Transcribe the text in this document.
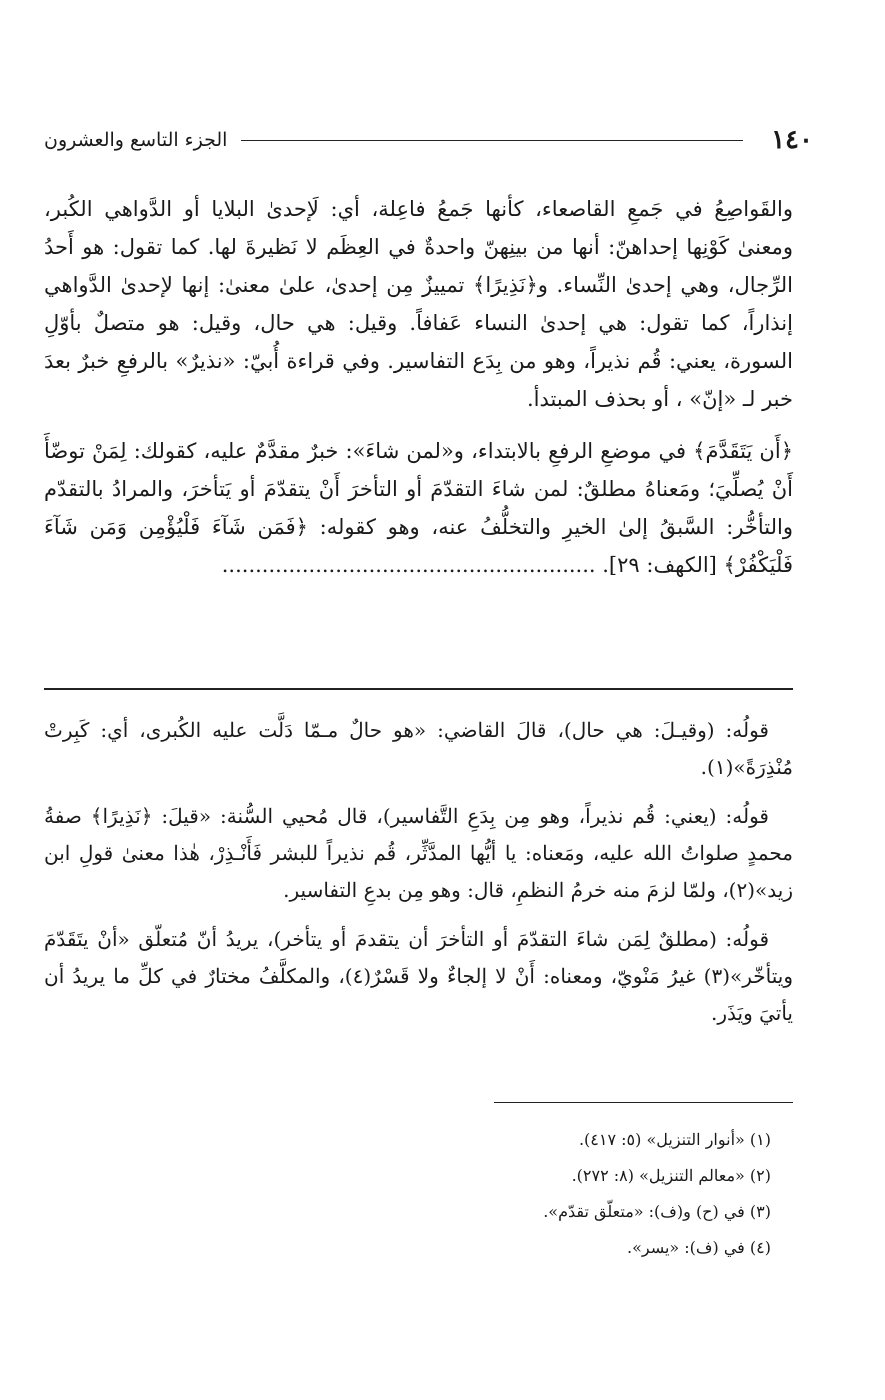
١٤٠
الجزء التاسع والعشرون

والقَواصِعُ في جَمعِ القاصعاء، كأنها جَمعُ فاعِلة، أي: لَإحدىٰ البلايا أو الدَّواهي الكُبر، ومعنىٰ كَوْنِها إحداهنّ: أنها من بينِهنّ واحدةٌ في العِظَم لا نَظيرةَ لها. كما تقول: هو أَحدُ الرِّجال، وهي إحدىٰ النِّساء. و﴿نَذِيرًا﴾ تمييزٌ مِن إحدىٰ، علىٰ معنىٰ: إنها لإحدىٰ الدَّواهي إنذاراً، كما تقول: هي إحدىٰ النساء عَفافاً. وقيل: هي حال، وقيل: هو متصلٌ بأوّلِ السورة، يعني: قُم نذيراً، وهو من بِدَع التفاسير. وفي قراءة أُبيّ: «نذيرٌ» بالرفعِ خبرٌ بعدَ خبر لـ «إنّ» ، أو بحذف المبتدأ.

﴿أَن يَتَقَدَّمَ﴾ في موضعِ الرفعِ بالابتداء، و«لمن شاءَ»: خبرٌ مقدَّمٌ عليه، كقولك: لِمَنْ توضّأَ أَنْ يُصلِّيَ؛ ومَعناهُ مطلقٌ: لمن شاءَ التقدّمَ أو التأخرَ أَنْ يتقدّمَ أو يَتأخرَ، والمرادُ بالتقدّم والتأخُّر: السَّبقُ إلىٰ الخيرِ والتخلُّفُ عنه، وهو كقوله: ﴿فَمَن شَآءَ فَلْيُؤْمِن وَمَن شَآءَ فَلْيَكْفُرْ﴾ [الكهف: ٢٩]. ........................................................

قولُه: (وقيـلَ: هي حال)، قالَ القاضي: «هو حالٌ مـمّا دَلَّت عليه الكُبرى، أي: كَبِرتْ مُنْذِرَةً»(١).

قولُه: (يعني: قُم نذيراً، وهو مِن بِدَعِ التَّفاسير)، قال مُحيي السُّنة: «قيلَ: ﴿نَذِيرًا﴾ صفةُ محمدٍ صلواتُ الله عليه، ومَعناه: يا أيُّها المدَّثِّر، قُم نذيراً للبشر فَأَنْـذِرْ، هٰذا معنىٰ قولِ ابن زيد»(٢)، ولمّا لزمَ منه خرمُ النظمِ، قال: وهو مِن بدعِ التفاسير.

قولُه: (مطلقٌ لِمَن شاءَ التقدّمَ أو التأخرَ أن يتقدمَ أو يتأخر)، يريدُ أنّ مُتعلّق «أنْ يتَقَدّمَ ويتأخّر»(٣) غيرُ مَنْويّ، ومعناه: أَنْ لا إلجاءٌ ولا قَسْرٌ(٤)، والمكلَّفُ مختارٌ في كلِّ ما يريدُ أن يأتيَ ويَذَر.

(١) «أنوار التنزيل» (٥: ٤١٧).
(٢) «معالم التنزيل» (٨: ٢٧٢).
(٣) في (ح) و(ف): «متعلّق تقدّم».
(٤) في (ف): «يسر».
